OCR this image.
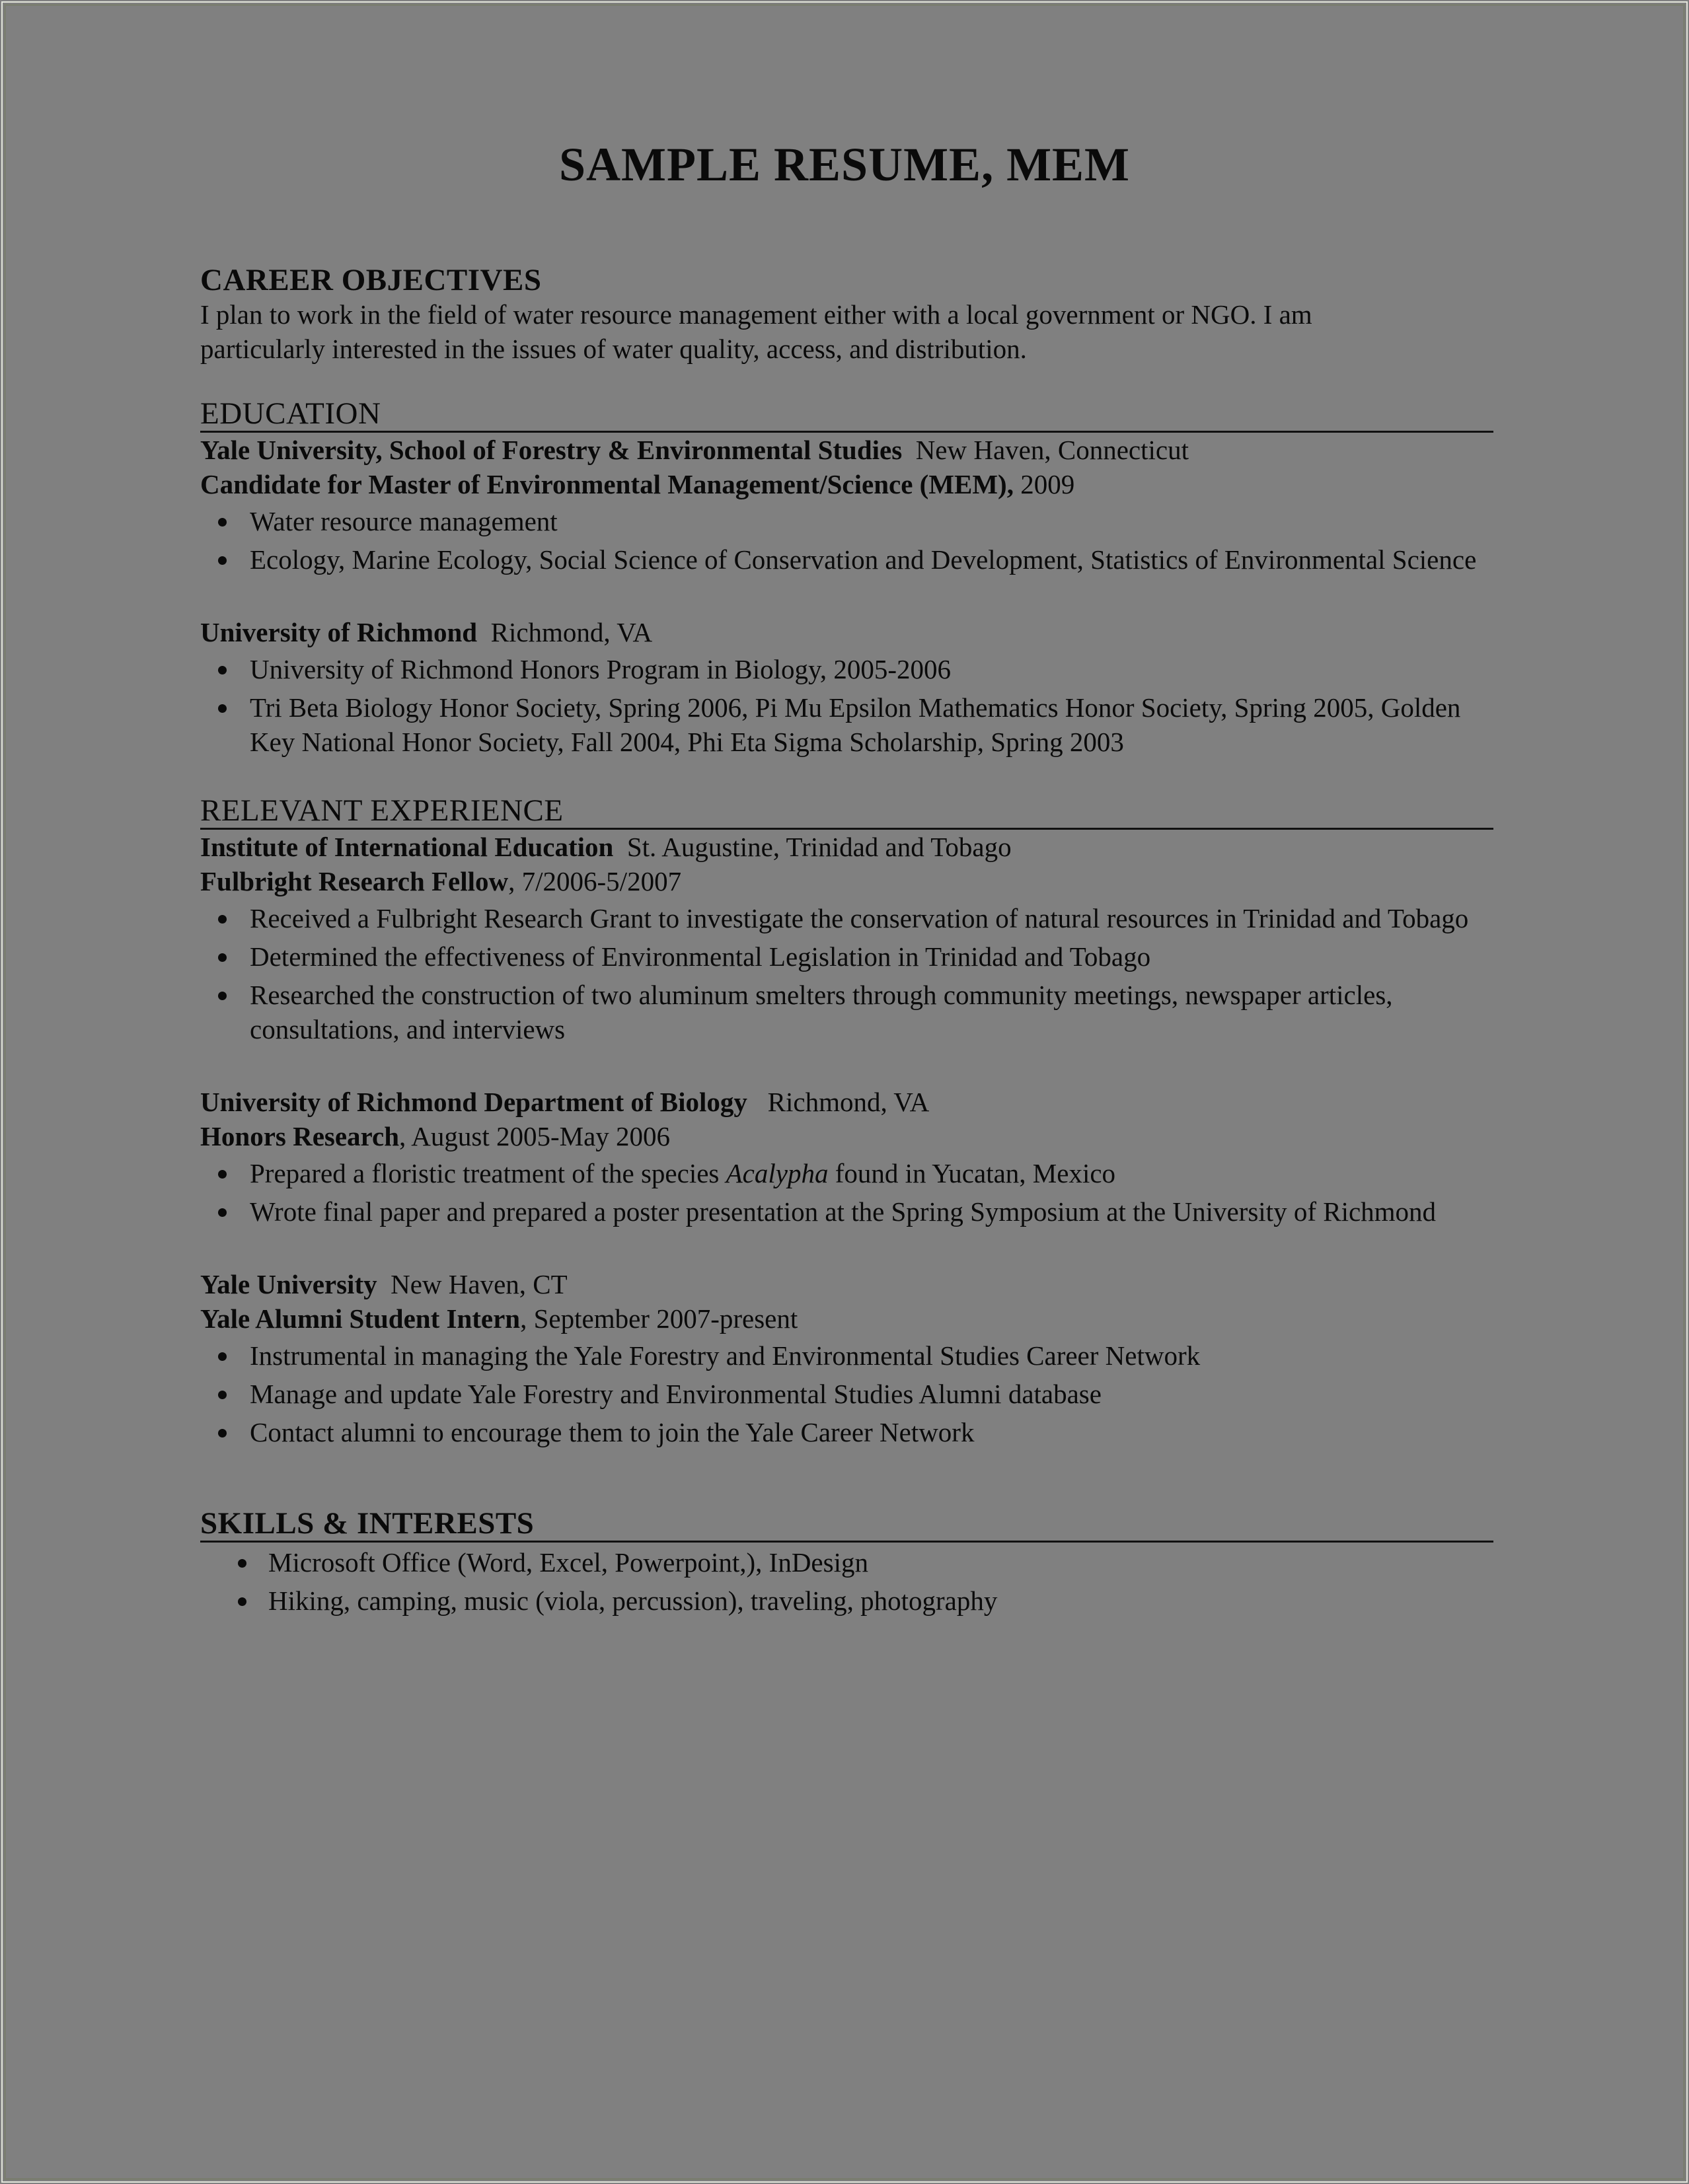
SAMPLE RESUME, MEM
CAREER OBJECTIVES

I plan to work in the field of water resource management either with a local government or NGO. I am

particularly interested in the issues of water quality, access, and distribution.

EDUCATION

Yale University, School of Forestry & Environmental Studies New Haven, Connecticut

Candidate for Master of Environmental Management/Science (MEM), 2009

Water resource management
Ecology, Marine Ecology, Social Science of Conservation and Development, Statistics of Environmental Science

University of Richmond Richmond, VA

University of Richmond Honors Program in Biology, 2005-2006
Tri Beta Biology Honor Society, Spring 2006, Pi Mu Epsilon Mathematics Honor Society, Spring 2005, Golden Key National Honor Society, Fall 2004, Phi Eta Sigma Scholarship, Spring 2003
RELEVANT EXPERIENCE

Institute of International Education St. Augustine, Trinidad and Tobago

Fulbright Research Fellow, 7/2006-5/2007

Received a Fulbright Research Grant to investigate the conservation of natural resources in Trinidad and Tobago
Determined the effectiveness of Environmental Legislation in Trinidad and Tobago
Researched the construction of two aluminum smelters through community meetings, newspaper articles, consultations, and interviews

University of Richmond Department of Biology Richmond, VA

Honors Research, August 2005-May 2006

Prepared a floristic treatment of the species Acalypha found in Yucatan, Mexico
Wrote final paper and prepared a poster presentation at the Spring Symposium at the University of Richmond

Yale University New Haven, CT

Yale Alumni Student Intern, September 2007-present

Instrumental in managing the Yale Forestry and Environmental Studies Career Network
Manage and update Yale Forestry and Environmental Studies Alumni database
Contact alumni to encourage them to join the Yale Career Network
SKILLS & INTERESTS
Microsoft Office (Word, Excel, Powerpoint,), InDesign
Hiking, camping, music (viola, percussion), traveling, photography
